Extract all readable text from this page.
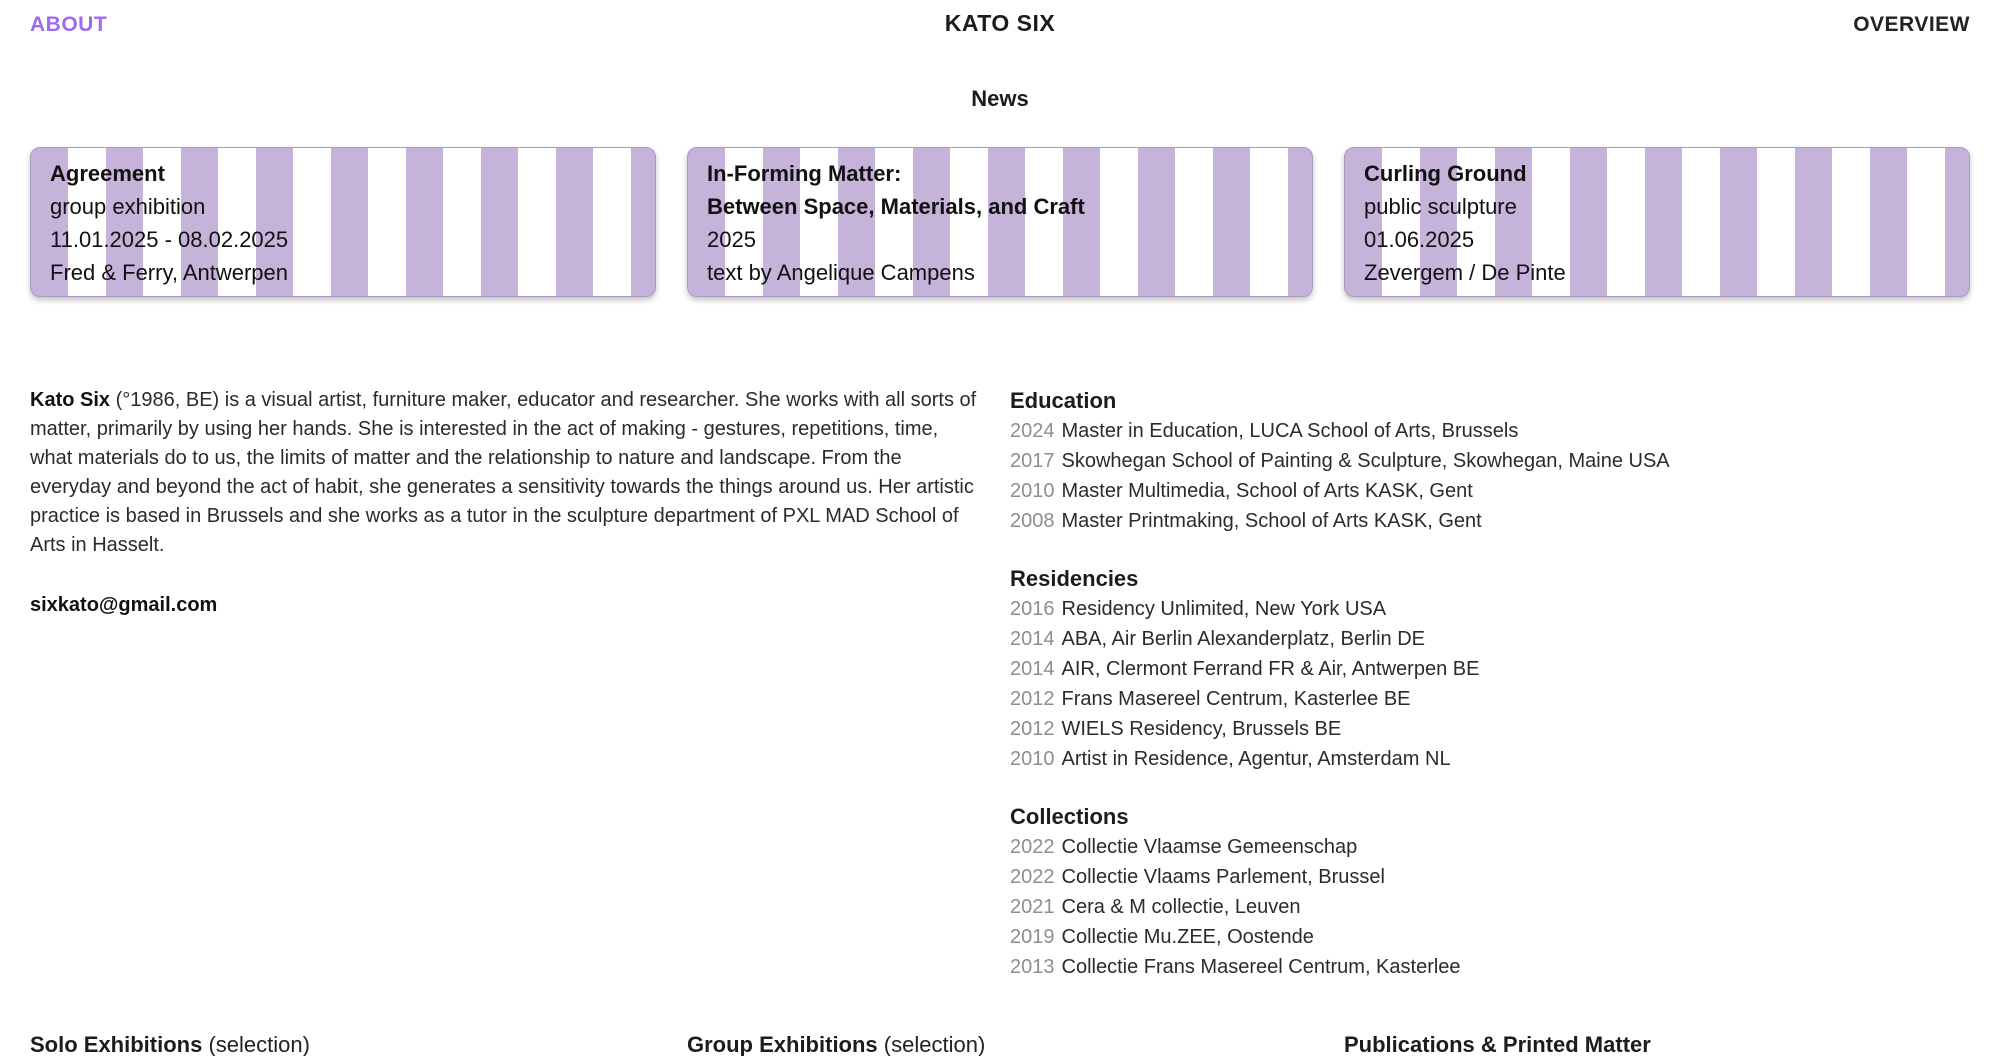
ABOUT	KATO SIX	OVERVIEW
News
Agreement
group exhibition
11.01.2025 - 08.02.2025
Fred & Ferry, Antwerpen
In-Forming Matter:
Between Space, Materials, and Craft
2025
text by Angelique Campens
Curling Ground
public sculpture
01.06.2025
Zevergem / De Pinte

Kato Six (°1986, BE) is a visual artist, furniture maker, educator and researcher. She works with all sorts of matter, primarily by using her hands. She is interested in the act of making - gestures, repetitions, time, what materials do to us, the limits of matter and the relationship to nature and landscape. From the everyday and beyond the act of habit, she generates a sensitivity towards the things around us. Her artistic practice is based in Brussels and she works as a tutor in the sculpture department of PXL MAD School of Arts in Hasselt.

sixkato@gmail.com
Education
2024 Master in Education, LUCA School of Arts, Brussels
2017 Skowhegan School of Painting & Sculpture, Skowhegan, Maine USA
2010 Master Multimedia, School of Arts KASK, Gent
2008 Master Printmaking, School of Arts KASK, Gent
Residencies
2016 Residency Unlimited, New York USA
2014 ABA, Air Berlin Alexanderplatz, Berlin DE
2014 AIR, Clermont Ferrand FR & Air, Antwerpen BE
2012 Frans Masereel Centrum, Kasterlee BE
2012 WIELS Residency, Brussels BE
2010 Artist in Residence, Agentur, Amsterdam NL
Collections
2022 Collectie Vlaamse Gemeenschap
2022 Collectie Vlaams Parlement, Brussel
2021 Cera & M collectie, Leuven
2019 Collectie Mu.ZEE, Oostende
2013 Collectie Frans Masereel Centrum, Kasterlee
Solo Exhibitions (selection)	Group Exhibitions (selection)	Publications & Printed Matter
